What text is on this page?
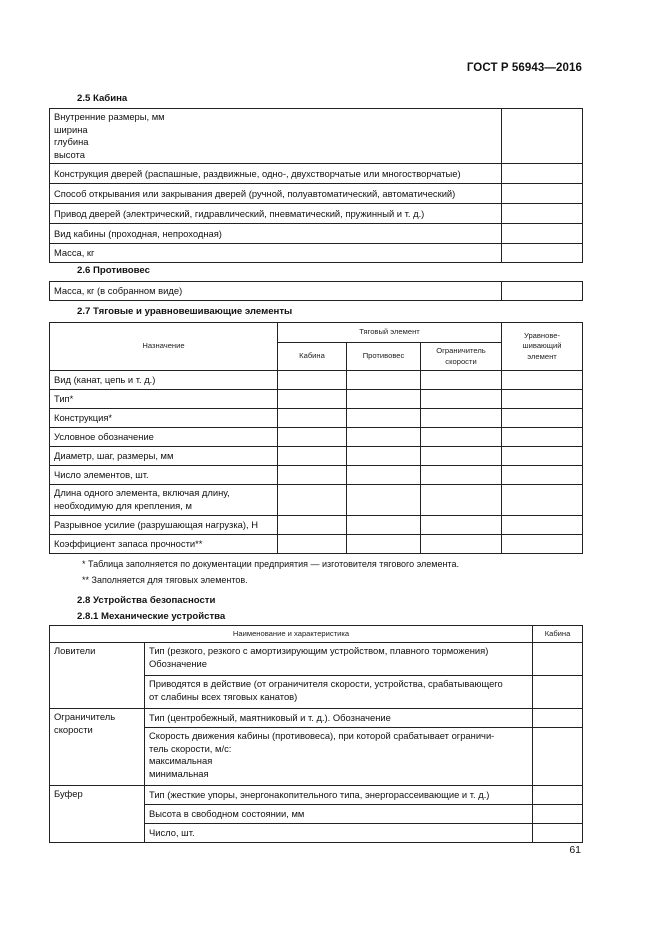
ГОСТ Р 56943—2016
2.5 Кабина
Внутренние размеры, мм
ширина
глубина
высота	

Конструкция дверей (распашные, раздвижные, одно-, двухстворчатые или многостворчатые)	
Способ открывания или закрывания дверей (ручной, полуавтоматический, автоматический)	
Привод дверей (электрический, гидравлический, пневматический, пружинный и т. д.)	
Вид кабины (проходная, непроходная)	
Масса, кг	
2.6 Противовес
Масса, кг (в собранном виде)	
2.7 Тяговые и уравновешивающие элементы
Назначение	Тяговый элемент			Уравнове-
шивающий
элемент

	Кабина	Противовес	Ограничитель
скорости	

Вид (канат, цепь и т. д.)				
Тип*				
Конструкция*				
Условное обозначение				
Диаметр, шаг, размеры, мм				
Число элементов, шт.				

Длина одного элемента, включая длину,
необходимую для крепления, м				

Разрывное усилие (разрушающая нагрузка), Н				
Коэффициент запаса прочности**				
* Таблица заполняется по документации предприятия — изготовителя тягового элемента.
** Заполняется для тяговых элементов.
2.8 Устройства безопасности
2.8.1 Механические устройства
Наименование и характеристика		Кабина
Ловители	Тип (резкого, резкого с амортизирующим устройством, плавного торможения)
Обозначение	

	Приводятся в действие (от ограничителя скорости, устройства, срабатывающего
от слабины всех тяговых канатов)	

Ограничитель
скорости	Тип (центробежный, маятниковый и т. д.). Обозначение	

	Скорость движения кабины (противовеса), при которой срабатывает ограничи-
тель скорости, м/с:
максимальная
минимальная	

Буфер	Тип (жесткие упоры, энергонакопительного типа, энергорассеивающие и т. д.)	
	Высота в свободном состоянии, мм	
	Число, шт.	
61
